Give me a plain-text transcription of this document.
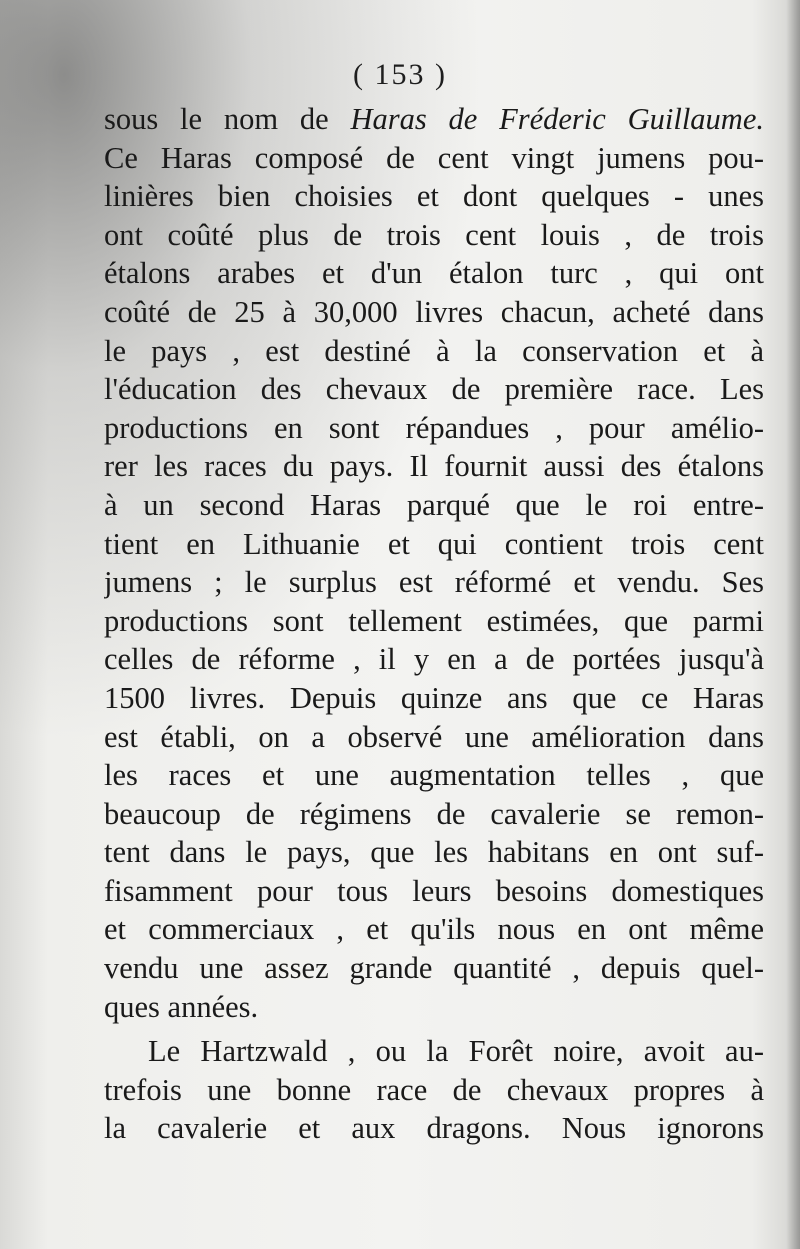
( 153 )
sous le nom de Haras de Fréderic Guillaume.
Ce Haras composé de cent vingt jumens pou-
linières bien choisies et dont quelques - unes
ont coûté plus de trois cent louis , de trois
étalons arabes et d'un étalon turc , qui ont
coûté de 25 à 30,000 livres chacun, acheté dans
le pays , est destiné à la conservation et à
l'éducation des chevaux de première race. Les
productions en sont répandues , pour amélio-
rer les races du pays. Il fournit aussi des étalons
à un second Haras parqué que le roi entre-
tient en Lithuanie et qui contient trois cent
jumens ; le surplus est réformé et vendu. Ses
productions sont tellement estimées, que parmi
celles de réforme , il y en a de portées jusqu'à
1500 livres. Depuis quinze ans que ce Haras
est établi, on a observé une amélioration dans
les races et une augmentation telles , que
beaucoup de régimens de cavalerie se remon-
tent dans le pays, que les habitans en ont suf-
fisamment pour tous leurs besoins domestiques
et commerciaux , et qu'ils nous en ont même
vendu une assez grande quantité , depuis quel-
ques années.
Le Hartzwald , ou la Forêt noire, avoit au-
trefois une bonne race de chevaux propres à
la cavalerie et aux dragons. Nous ignorons
